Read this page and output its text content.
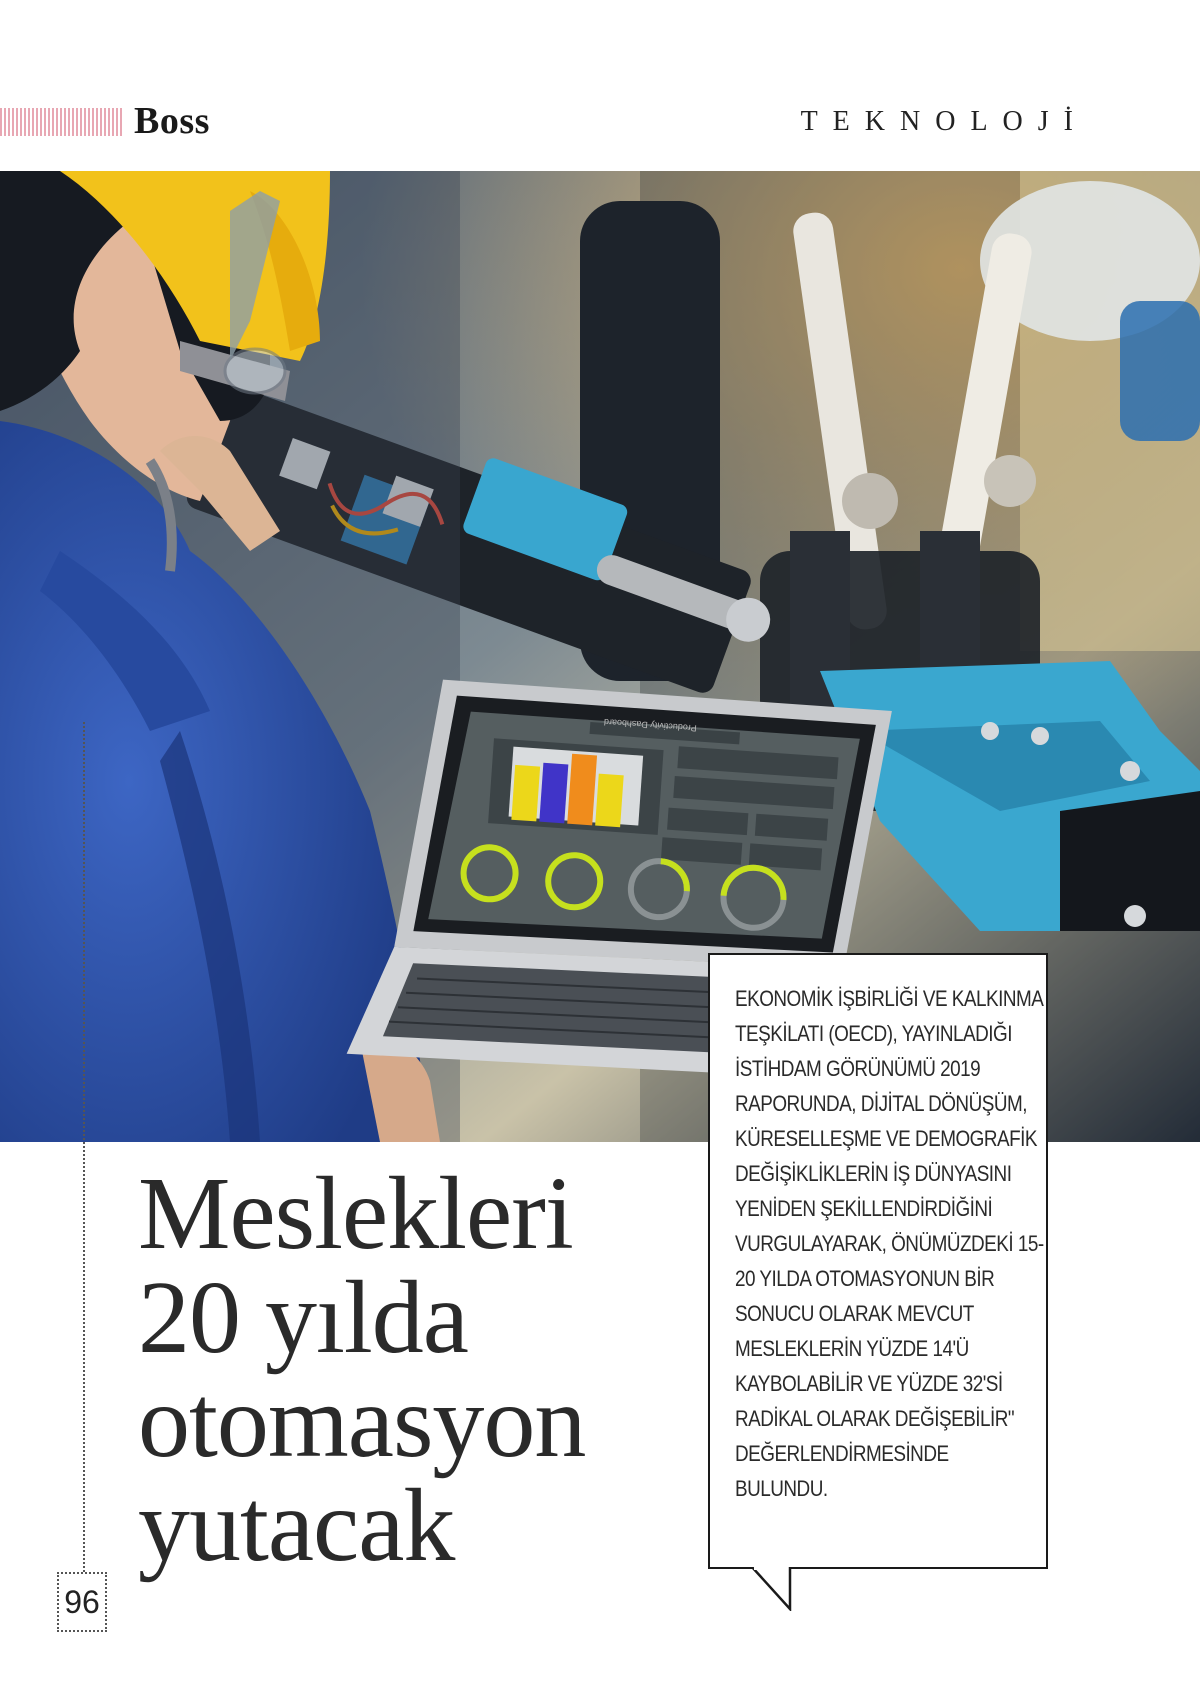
Boss	TEKNOLOJİ
Productivity Dashboard
96
Meslekleri
20 yılda
otomasyon
yutacak

EKONOMİK İŞBİRLİĞİ VE KALKINMA TEŞKİLATI (OECD), YAYINLADIĞI İSTİHDAM GÖRÜNÜMÜ 2019 RAPORUNDA, DİJİTAL DÖNÜŞÜM, KÜRESELLEŞME VE DEMOGRAFİK DEĞİŞİKLİKLERİN İŞ DÜNYASINI YENİDEN ŞEKİLLENDİRDİĞİNİ VURGULAYARAK, ÖNÜMÜZDEKİ 15-20 YILDA OTOMASYONUN BİR SONUCU OLARAK MEVCUT MESLEKLERİN YÜZDE 14'Ü KAYBOLABİLİR VE YÜZDE 32'Sİ RADİKAL OLARAK DEĞİŞEBİLİR" DEĞERLENDİRMESİNDE BULUNDU.
